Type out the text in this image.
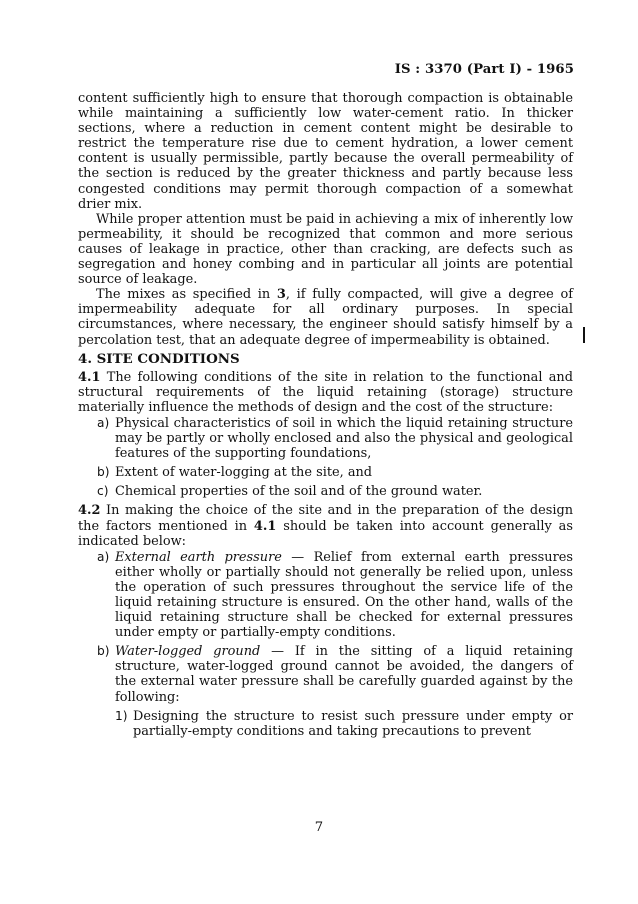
IS : 3370 (Part I) - 1965

content sufficiently high to ensure that thorough compaction is obtainable while maintaining a sufficiently low water-cement ratio. In thicker sections, where a reduction in cement content might be desirable to restrict the temperature rise due to cement hydration, a lower cement content is usually permissible, partly because the overall permeability of the section is reduced by the greater thickness and partly because less congested conditions may permit thorough compaction of a somewhat drier mix.

While proper attention must be paid in achieving a mix of inherently low permeability, it should be recognized that common and more serious causes of leakage in practice, other than cracking, are defects such as segregation and honey combing and in particular all joints are potential source of leakage.

The mixes as specified in 3, if fully compacted, will give a degree of impermeability adequate for all ordinary purposes. In special circumstances, where necessary, the engineer should satisfy himself by a percolation test, that an adequate degree of impermeability is obtained.

4. SITE CONDITIONS

4.1 The following conditions of the site in relation to the functional and structural requirements of the liquid retaining (storage) structure materially influence the methods of design and the cost of the structure:

a) Physical characteristics of soil in which the liquid retaining structure may be partly or wholly enclosed and also the physical and geological features of the supporting foundations,
b) Extent of water-logging at the site, and
c) Chemical properties of the soil and of the ground water.

4.2 In making the choice of the site and in the preparation of the design the factors mentioned in 4.1 should be taken into account generally as indicated below:

a) External earth pressure — Relief from external earth pressures either wholly or partially should not generally be relied upon, unless the operation of such pressures throughout the service life of the liquid retaining structure is ensured. On the other hand, walls of the liquid retaining structure shall be checked for external pressures under empty or partially-empty conditions.
b) Water-logged ground — If in the sitting of a liquid retaining structure, water-logged ground cannot be avoided, the dangers of the external water pressure shall be carefully guarded against by the following:
1) Designing the structure to resist such pressure under empty or partially-empty conditions and taking precautions to prevent
7
